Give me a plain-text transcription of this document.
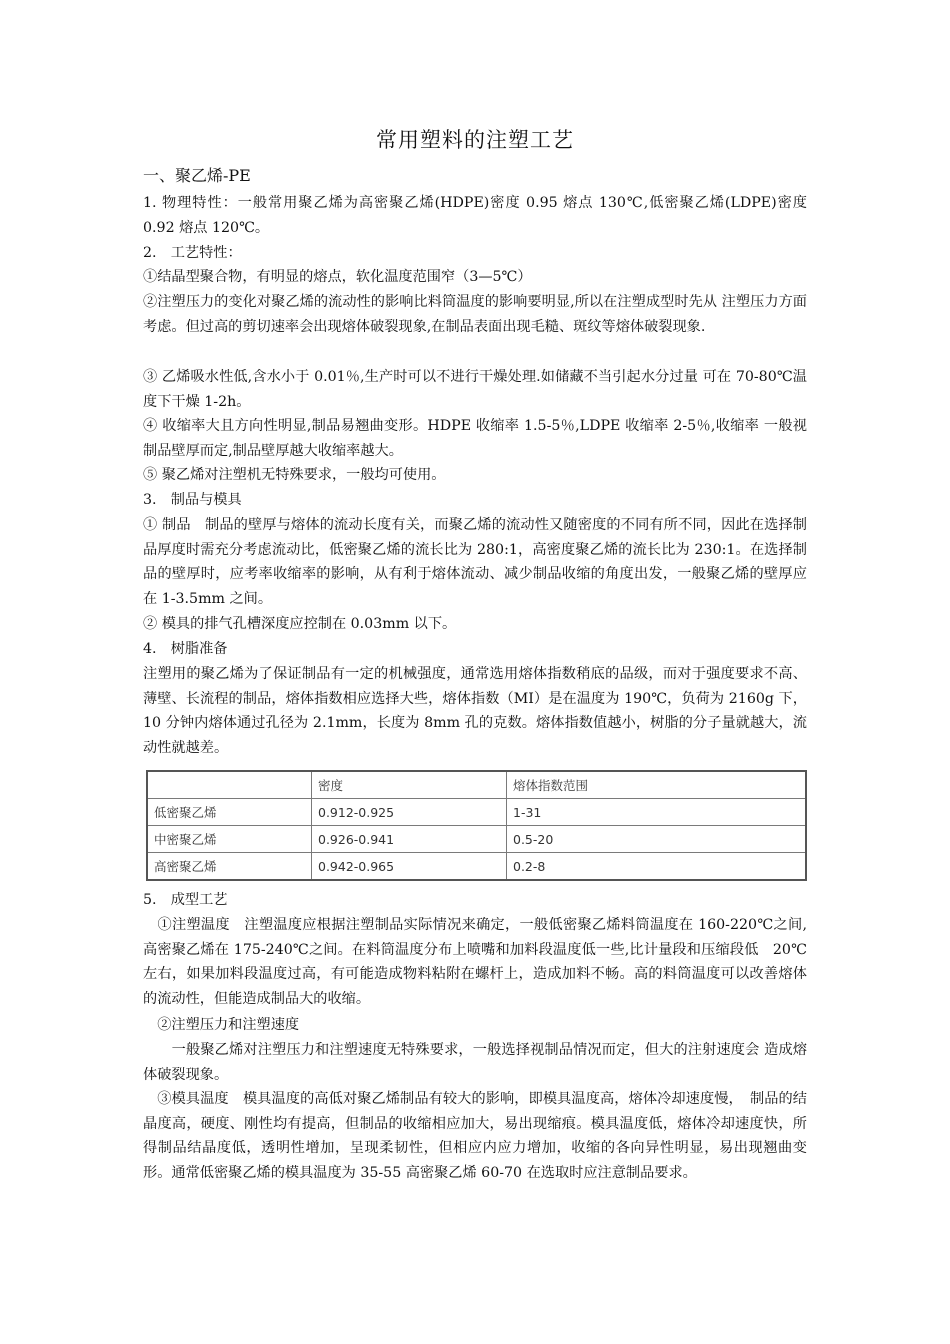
常用塑料的注塑工艺

一、聚乙烯-PE

1. 物理特性：一般常用聚乙烯为高密聚乙烯(HDPE)密度 0.95 熔点 130℃,低密聚乙烯(LDPE)密度 0.92 熔点 120℃。

2.　工艺特性：

①结晶型聚合物，有明显的熔点，软化温度范围窄（3—5℃）

②注塑压力的变化对聚乙烯的流动性的影响比料筒温度的影响要明显,所以在注塑成型时先从 注塑压力方面考虑。但过高的剪切速率会出现熔体破裂现象,在制品表面出现毛糙、斑纹等熔体破裂现象.

③ 乙烯吸水性低,含水小于 0.01％,生产时可以不进行干燥处理.如储藏不当引起水分过量 可在 70-80℃温度下干燥 1-2h。

④ 收缩率大且方向性明显,制品易翘曲变形。HDPE 收缩率 1.5-5％,LDPE 收缩率 2-5％,收缩率 一般视制品壁厚而定,制品壁厚越大收缩率越大。

⑤ 聚乙烯对注塑机无特殊要求，一般均可使用。

3.　制品与模具

① 制品　制品的壁厚与熔体的流动长度有关，而聚乙烯的流动性又随密度的不同有所不同，因此在选择制品厚度时需充分考虑流动比，低密聚乙烯的流长比为 280:1，高密度聚乙烯的流长比为 230:1。在选择制品的壁厚时，应考率收缩率的影响，从有利于熔体流动、减少制品收缩的角度出发，一般聚乙烯的壁厚应在 1-3.5mm 之间。

② 模具的排气孔槽深度应控制在 0.03mm 以下。

4.　树脂准备

注塑用的聚乙烯为了保证制品有一定的机械强度，通常选用熔体指数稍底的品级，而对于强度要求不高、薄壁、长流程的制品，熔体指数相应选择大些，熔体指数（MI）是在温度为 190℃，负荷为 2160g 下，10 分钟内熔体通过孔径为 2.1mm，长度为 8mm 孔的克数。熔体指数值越小，树脂的分子量就越大，流动性就越差。

	密度	熔体指数范围
低密聚乙烯	0.912-0.925	1-31
中密聚乙烯	0.926-0.941	0.5-20
高密聚乙烯	0.942-0.965	0.2-8

5.　成型工艺

　①注塑温度　注塑温度应根据注塑制品实际情况来确定，一般低密聚乙烯料筒温度在 160-220℃之间,高密聚乙烯在 175-240℃之间。在料筒温度分布上喷嘴和加料段温度低一些,比计量段和压缩段低　20℃左右，如果加料段温度过高，有可能造成物料粘附在螺杆上，造成加料不畅。高的料筒温度可以改善熔体的流动性，但能造成制品大的收缩。

　②注塑压力和注塑速度

　　一般聚乙烯对注塑压力和注塑速度无特殊要求，一般选择视制品情况而定，但大的注射速度会 造成熔体破裂现象。

　③模具温度　模具温度的高低对聚乙烯制品有较大的影响，即模具温度高，熔体冷却速度慢，　制品的结晶度高，硬度、刚性均有提高，但制品的收缩相应加大，易出现缩痕。模具温度低，熔体冷却速度快，所得制品结晶度低，透明性增加，呈现柔韧性，但相应内应力增加，收缩的各向异性明显，易出现翘曲变形。通常低密聚乙烯的模具温度为 35-55 高密聚乙烯 60-70 在选取时应注意制品要求。
